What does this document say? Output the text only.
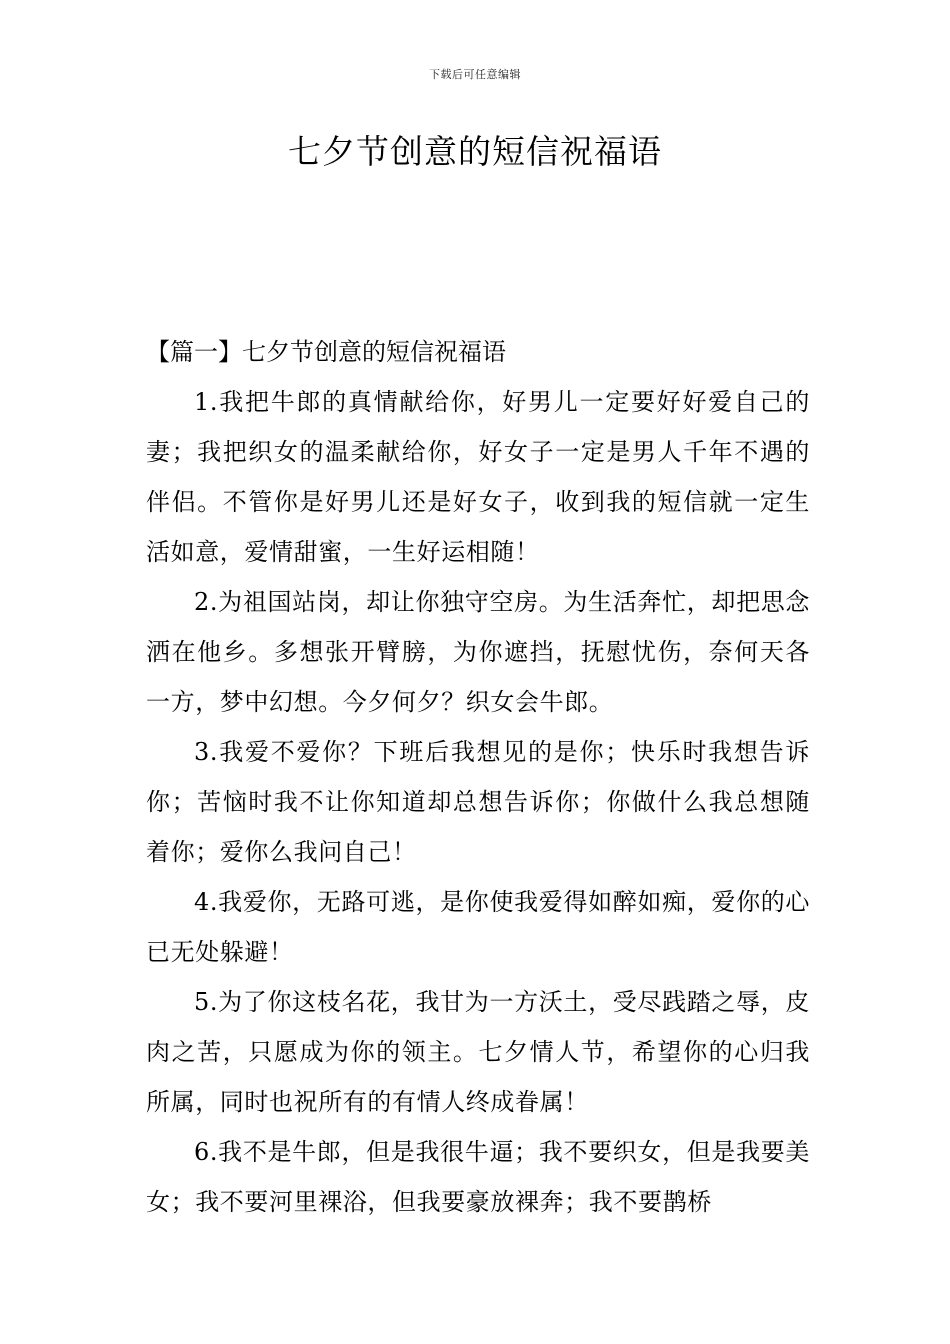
下载后可任意编辑
七夕节创意的短信祝福语

【篇一】七夕节创意的短信祝福语

1.我把牛郎的真情献给你，好男儿一定要好好爱自己的妻；我把织女的温柔献给你，好女子一定是男人千年不遇的伴侣。不管你是好男儿还是好女子，收到我的短信就一定生活如意，爱情甜蜜，一生好运相随！

2.为祖国站岗，却让你独守空房。为生活奔忙，却把思念洒在他乡。多想张开臂膀，为你遮挡，抚慰忧伤，奈何天各一方，梦中幻想。今夕何夕？织女会牛郎。

3.我爱不爱你？下班后我想见的是你；快乐时我想告诉你；苦恼时我不让你知道却总想告诉你；你做什么我总想随着你；爱你么我问自己！

4.我爱你，无路可逃，是你使我爱得如醉如痴，爱你的心已无处躲避！

5.为了你这枝名花，我甘为一方沃土，受尽践踏之辱，皮肉之苦，只愿成为你的领主。七夕情人节，希望你的心归我所属，同时也祝所有的有情人终成眷属！

6.我不是牛郎，但是我很牛逼；我不要织女，但是我要美女；我不要河里裸浴，但我要豪放裸奔；我不要鹊桥
